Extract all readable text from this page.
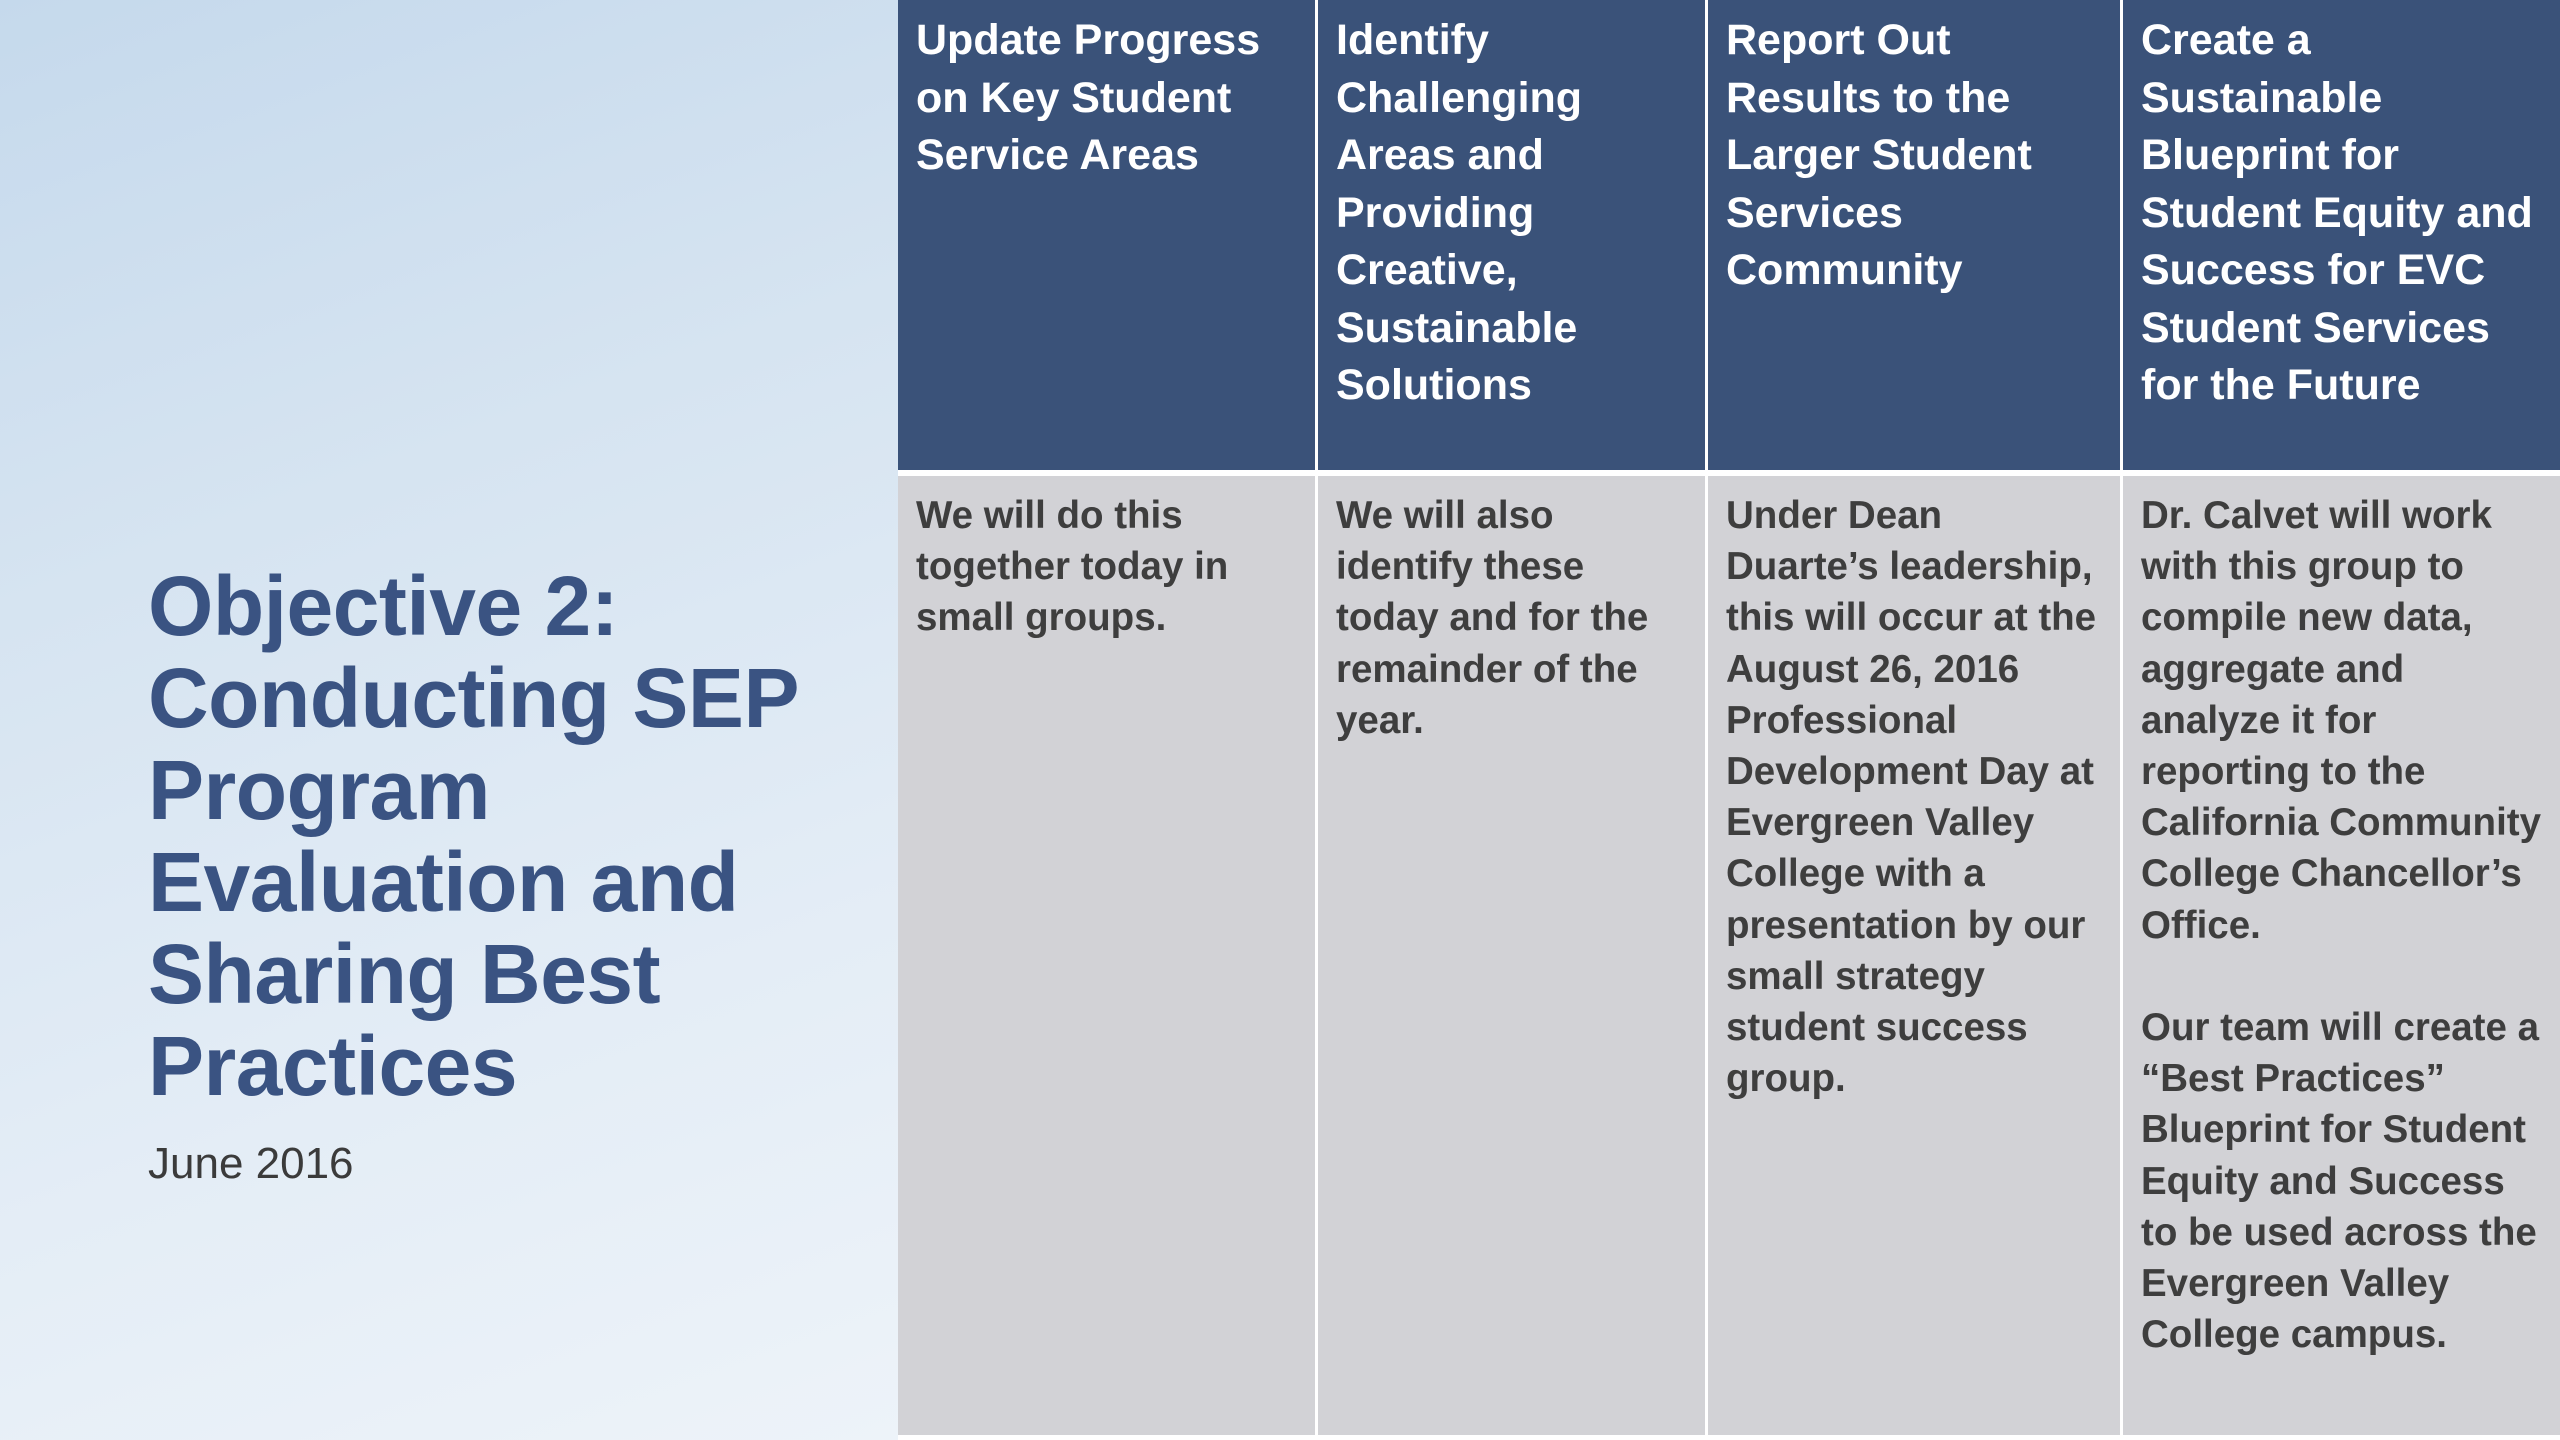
Objective 2: Conducting SEP Program Evaluation and Sharing Best Practices
June 2016
Update Progress on Key Student Service Areas
Identify Challenging Areas and Providing Creative, Sustainable Solutions
Report Out Results to the Larger Student Services Community
Create a Sustainable Blueprint for Student Equity and Success for EVC Student Services for the Future
We will do this together today in small groups.
We will also identify these today and for the remainder of the year.
Under Dean Duarte’s leadership, this will occur at the August 26, 2016 Professional Development Day at Evergreen Valley College with a presentation by our small strategy student success group.
Dr. Calvet will work with this group to compile new data, aggregate and analyze it for reporting to the California Community College Chancellor’s Office.

Our team will create a “Best Practices” Blueprint for Student Equity and Success to be used across the Evergreen Valley College campus.
